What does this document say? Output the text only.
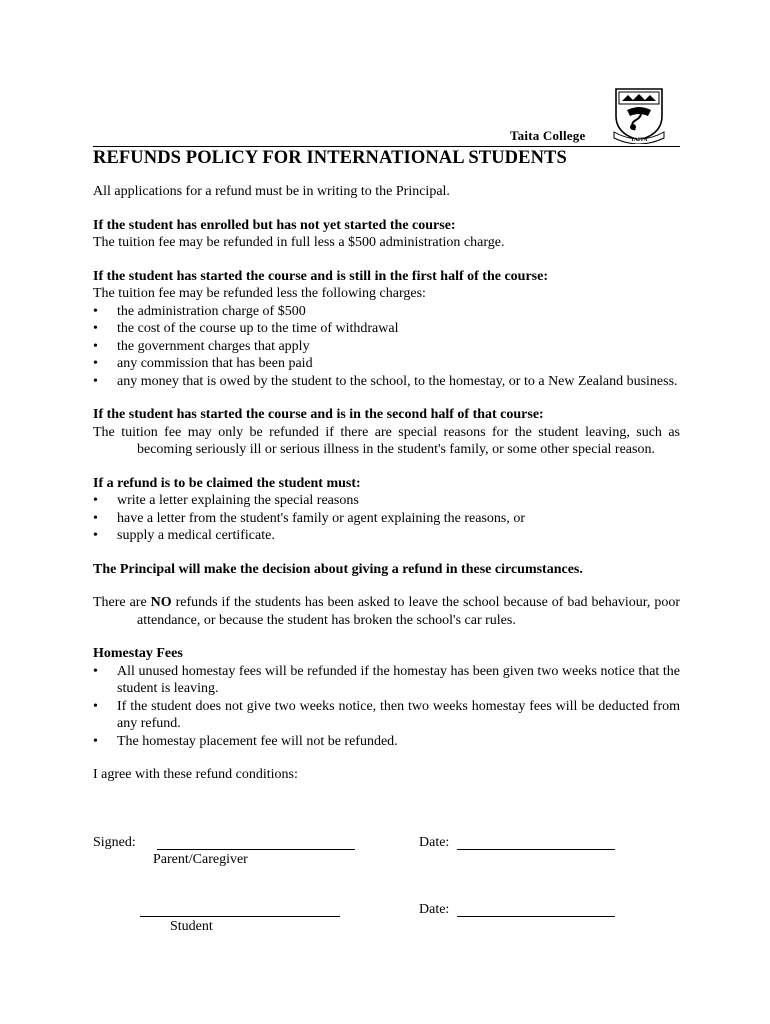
TAITA
Taita College
REFUNDS POLICY FOR INTERNATIONAL STUDENTS

All applications for a refund must be in writing to the Principal.

If the student has enrolled but has not yet started the course:

The tuition fee may be refunded in full less a $500 administration charge.

If the student has started the course and is still in the first half of the course:

The tuition fee may be refunded less the following charges:

• the administration charge of $500
• the cost of the course up to the time of withdrawal
• the government charges that apply
• any commission that has been paid
• any money that is owed by the student to the school, to the homestay, or to a New Zealand business.

If the student has started the course and is in the second half of that course:

The tuition fee may only be refunded if there are special reasons for the student leaving, such as becoming seriously ill or serious illness in the student's family, or some other special reason.

If a refund is to be claimed the student must:

• write a letter explaining the special reasons
• have a letter from the student's family or agent explaining the reasons, or
• supply a medical certificate.

The Principal will make the decision about giving a refund in these circumstances.

There are NO refunds if the students has been asked to leave the school because of bad behaviour, poor attendance, or because the student has broken the school's car rules.

Homestay Fees

• All unused homestay fees will be refunded if the homestay has been given two weeks notice that the student is leaving.
• If the student does not give two weeks notice, then two weeks homestay fees will be deducted from any refund.
• The homestay placement fee will not be refunded.

I agree with these refund conditions:

Signed:
Parent/Caregiver
Date:
Student
Date:
